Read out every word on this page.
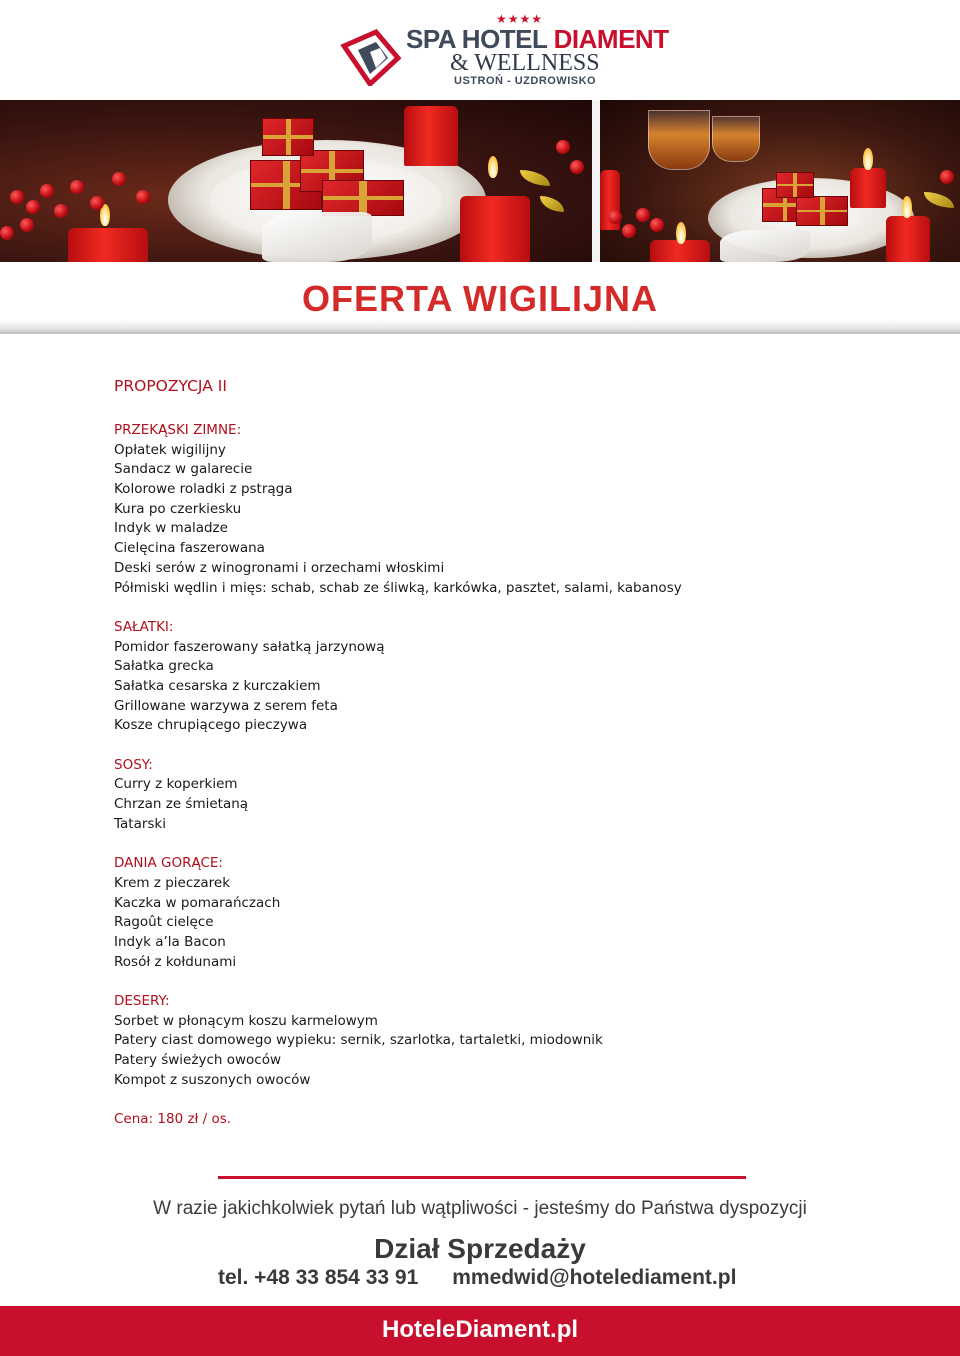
★★★★
SPA HOTEL DIAMENT
& WELLNESS
USTROŃ - UZDROWISKO
OFERTA WIGILIJNA
PROPOZYCJA II
PRZEKĄSKI ZIMNE:
Opłatek wigilijny
Sandacz w galarecie
Kolorowe roladki z pstrąga
Kura po czerkiesku
Indyk w maladze
Cielęcina faszerowana
Deski serów z winogronami i orzechami włoskimi
Półmiski wędlin i mięs: schab, schab ze śliwką, karkówka, pasztet, salami, kabanosy
SAŁATKI:
Pomidor faszerowany sałatką jarzynową
Sałatka grecka
Sałatka cesarska z kurczakiem
Grillowane warzywa z serem feta
Kosze chrupiącego pieczywa
SOSY:
Curry z koperkiem
Chrzan ze śmietaną
Tatarski
DANIA GORĄCE:
Krem z pieczarek
Kaczka w pomarańczach
Ragoût cielęce
Indyk a’la Bacon
Rosół z kołdunami
DESERY:
Sorbet w płonącym koszu karmelowym
Patery ciast domowego wypieku: sernik, szarlotka, tartaletki, miodownik
Patery świeżych owoców
Kompot z suszonych owoców
Cena: 180 zł / os.
W razie jakichkolwiek pytań lub wątpliwości - jesteśmy do Państwa dyspozycji
Dział Sprzedaży
tel. +48 33 854 33 91 mmedwid@hotelediament.pl
HoteleDiament.pl
